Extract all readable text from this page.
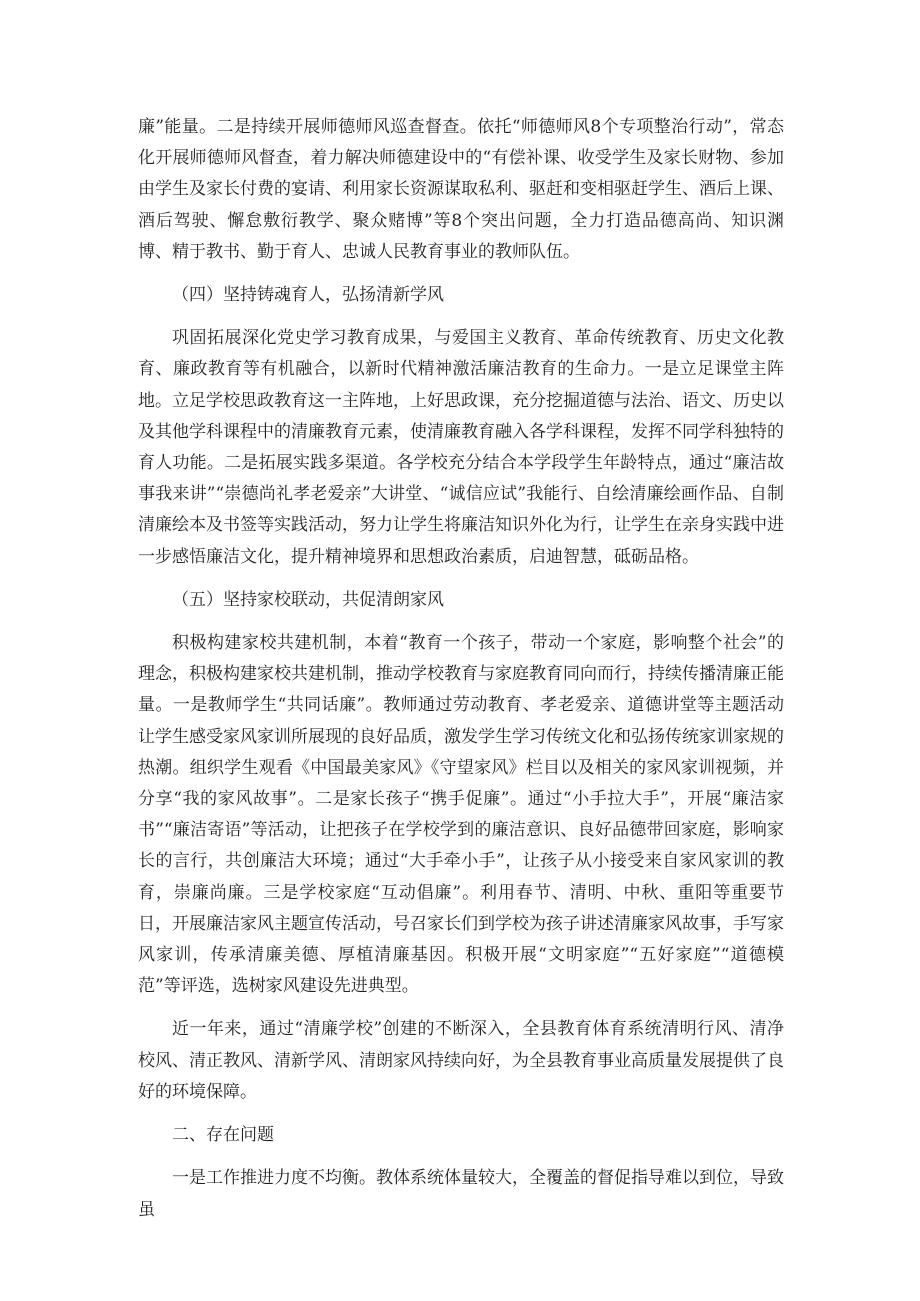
廉”能量。二是持续开展师德师风巡查督查。依托“师德师风8个专项整治行动”，常态化开展师德师风督查，着力解决师德建设中的“有偿补课、收受学生及家长财物、参加由学生及家长付费的宴请、利用家长资源谋取私利、驱赶和变相驱赶学生、酒后上课、酒后驾驶、懈怠敷衍教学、聚众赌博”等8个突出问题，全力打造品德高尚、知识渊博、精于教书、勤于育人、忠诚人民教育事业的教师队伍。

（四）坚持铸魂育人，弘扬清新学风

巩固拓展深化党史学习教育成果，与爱国主义教育、革命传统教育、历史文化教育、廉政教育等有机融合，以新时代精神激活廉洁教育的生命力。一是立足课堂主阵地。立足学校思政教育这一主阵地，上好思政课，充分挖掘道德与法治、语文、历史以及其他学科课程中的清廉教育元素，使清廉教育融入各学科课程，发挥不同学科独特的育人功能。二是拓展实践多渠道。各学校充分结合本学段学生年龄特点，通过“廉洁故事我来讲”“崇德尚礼孝老爱亲”大讲堂、“诚信应试”我能行、自绘清廉绘画作品、自制清廉绘本及书签等实践活动，努力让学生将廉洁知识外化为行，让学生在亲身实践中进一步感悟廉洁文化，提升精神境界和思想政治素质，启迪智慧，砥砺品格。

（五）坚持家校联动，共促清朗家风

积极构建家校共建机制，本着“教育一个孩子，带动一个家庭，影响整个社会”的理念，积极构建家校共建机制，推动学校教育与家庭教育同向而行，持续传播清廉正能量。一是教师学生“共同话廉”。教师通过劳动教育、孝老爱亲、道德讲堂等主题活动让学生感受家风家训所展现的良好品质，激发学生学习传统文化和弘扬传统家训家规的热潮。组织学生观看《中国最美家风》《守望家风》栏目以及相关的家风家训视频，并分享“我的家风故事”。二是家长孩子“携手促廉”。通过“小手拉大手”，开展“廉洁家书”“廉洁寄语”等活动，让把孩子在学校学到的廉洁意识、良好品德带回家庭，影响家长的言行，共创廉洁大环境；通过“大手牵小手”，让孩子从小接受来自家风家训的教育，崇廉尚廉。三是学校家庭“互动倡廉”。利用春节、清明、中秋、重阳等重要节日，开展廉洁家风主题宣传活动，号召家长们到学校为孩子讲述清廉家风故事，手写家风家训，传承清廉美德、厚植清廉基因。积极开展“文明家庭”“五好家庭”“道德模范”等评选，选树家风建设先进典型。

近一年来，通过“清廉学校”创建的不断深入，全县教育体育系统清明行风、清净校风、清正教风、清新学风、清朗家风持续向好，为全县教育事业高质量发展提供了良好的环境保障。

二、存在问题

一是工作推进力度不均衡。教体系统体量较大，全覆盖的督促指导难以到位，导致虽
